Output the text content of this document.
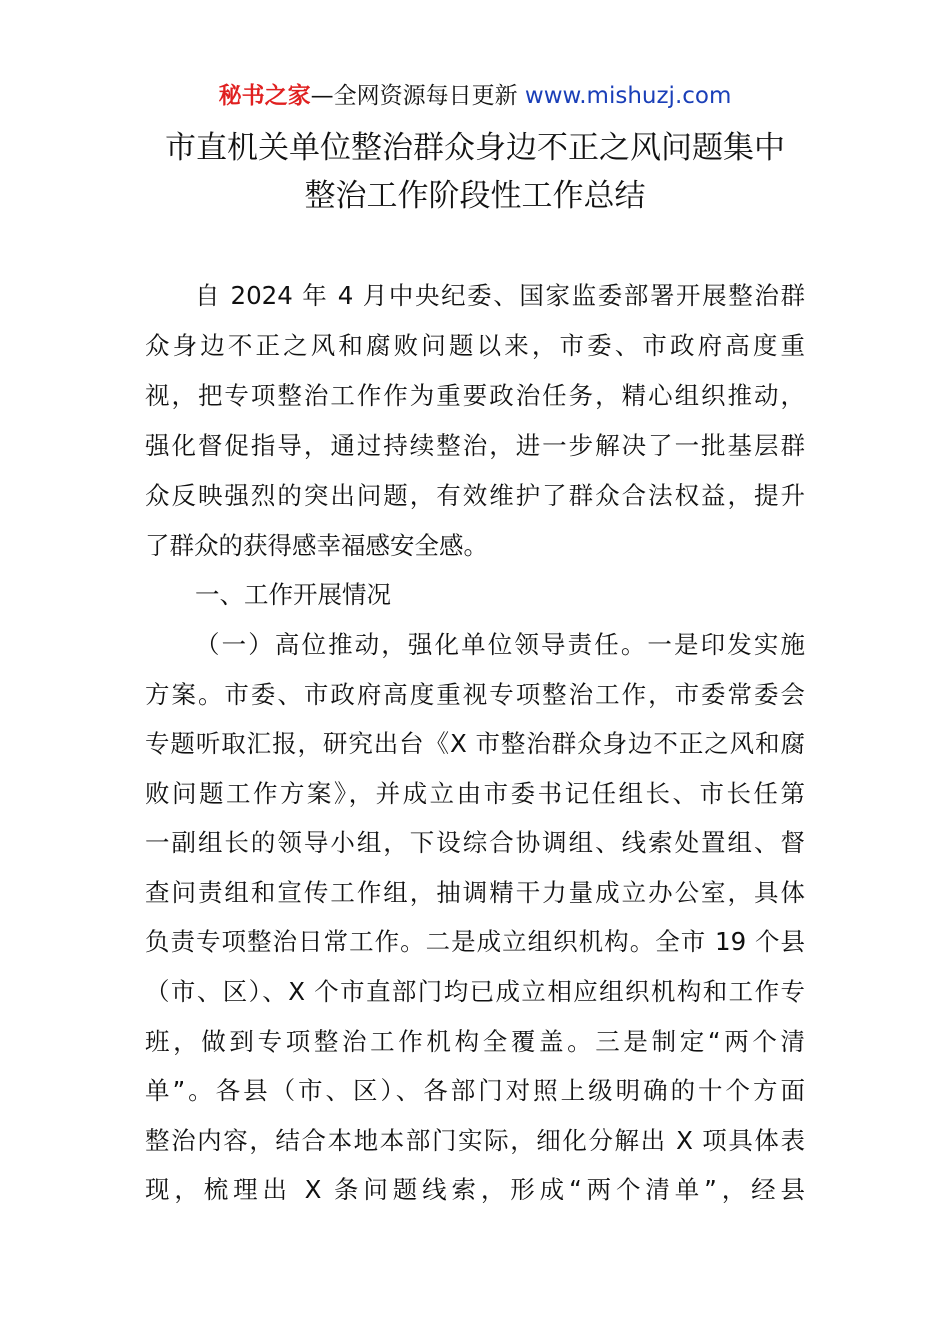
秘书之家—全网资源每日更新 www.mishuzj.com
市直机关单位整治群众身边不正之风问题集中
整治工作阶段性工作总结
自 2024 年 4 月中央纪委、国家监委部署开展整治群
众身边不正之风和腐败问题以来，市委、市政府高度重
视，把专项整治工作作为重要政治任务，精心组织推动，
强化督促指导，通过持续整治，进一步解决了一批基层群
众反映强烈的突出问题，有效维护了群众合法权益，提升
了群众的获得感幸福感安全感。
一、工作开展情况
（一）高位推动，强化单位领导责任。一是印发实施
方案。市委、市政府高度重视专项整治工作，市委常委会
专题听取汇报，研究出台《X 市整治群众身边不正之风和腐
败问题工作方案》，并成立由市委书记任组长、市长任第
一副组长的领导小组，下设综合协调组、线索处置组、督
查问责组和宣传工作组，抽调精干力量成立办公室，具体
负责专项整治日常工作。二是成立组织机构。全市 19 个县
（市、区）、X 个市直部门均已成立相应组织机构和工作专
班，做到专项整治工作机构全覆盖。三是制定“两个清
单”。各县（市、区）、各部门对照上级明确的十个方面
整治内容，结合本地本部门实际，细化分解出 X 项具体表
现，梳理出 X 条问题线索，形成“两个清单”，经县
